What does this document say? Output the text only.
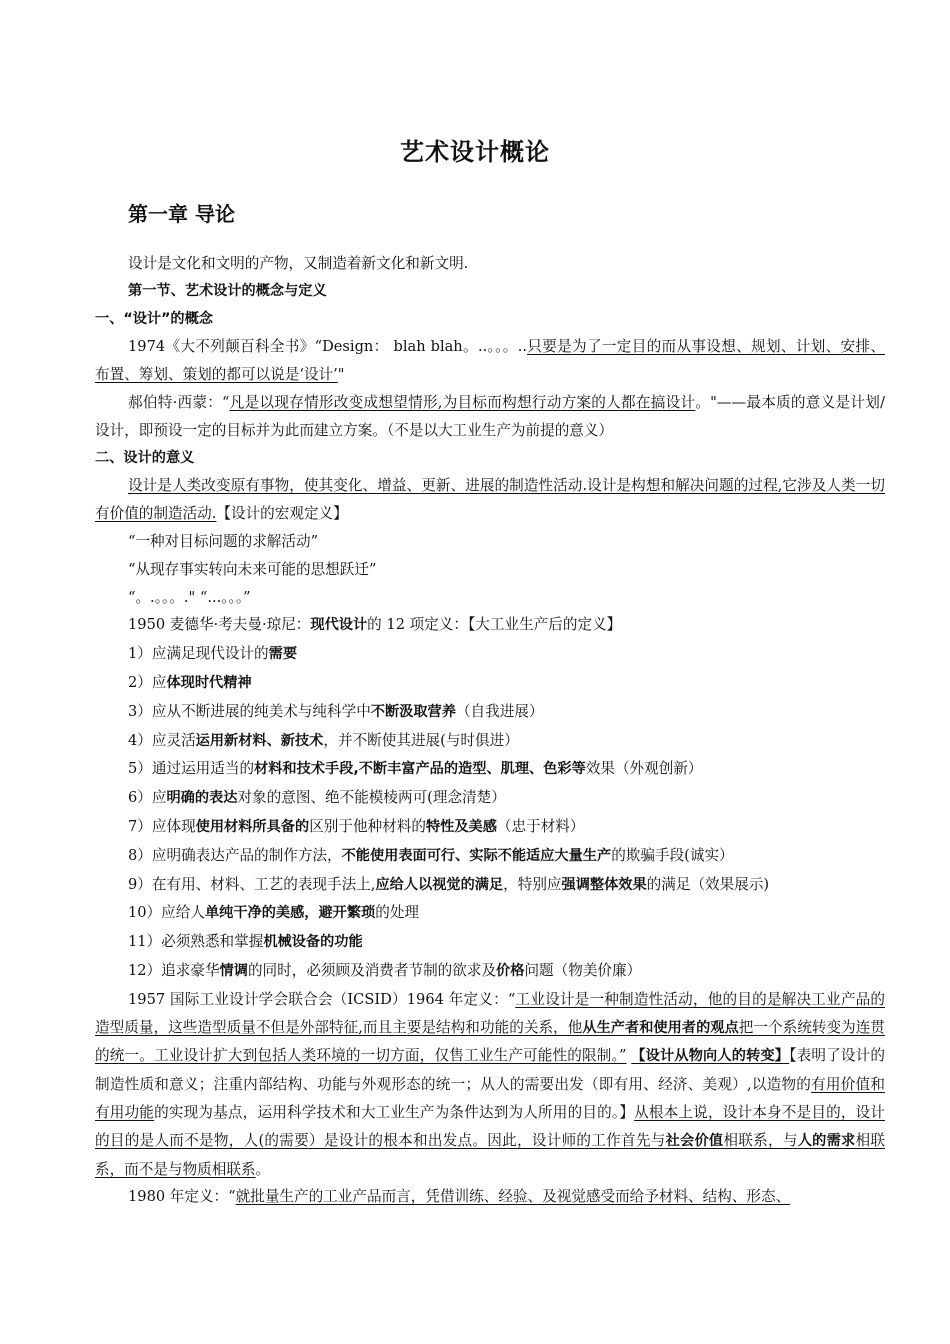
艺术设计概论
第一章 导论

设计是文化和文明的产物，又制造着新文化和新文明.

第一节、艺术设计的概念与定义

一、“设计”的概念

1974《大不列颠百科全书》“Design： blah blah。..。。。..只要是为了一定目的而从事设想、规划、计划、安排、布置、筹划、策划的都可以说是‘设计’"

郝伯特·西蒙：“凡是以现存情形改变成想望情形,为目标而构想行动方案的人都在搞设计。"——最本质的意义是计划/设计，即预设一定的目标并为此而建立方案。（不是以大工业生产为前提的意义）

二、设计的意义

设计是人类改变原有事物，使其变化、增益、更新、进展的制造性活动.设计是构想和解决问题的过程,它涉及人类一切有价值的制造活动.【设计的宏观定义】

“一种对目标问题的求解活动”

“从现存事实转向未来可能的思想跃迁”

“。.。。。." “...。。。”

1950 麦德华·考夫曼·琼尼：现代设计的 12 项定义：【大工业生产后的定义】

1）应满足现代设计的需要

2）应体现时代精神

3）应从不断进展的纯美术与纯科学中不断汲取营养（自我进展）

4）应灵活运用新材料、新技术，并不断使其进展(与时俱进）

5）通过运用适当的材料和技术手段,不断丰富产品的造型、肌理、色彩等效果（外观创新）

6）应明确的表达对象的意图、绝不能模棱两可(理念清楚）

7）应体现使用材料所具备的区别于他种材料的特性及美感（忠于材料）

8）应明确表达产品的制作方法，不能使用表面可行、实际不能适应大量生产的欺骗手段(诚实）

9）在有用、材料、工艺的表现手法上,应给人以视觉的满足，特别应强调整体效果的满足（效果展示)

10）应给人单纯干净的美感，避开繁琐的处理

11）必须熟悉和掌握机械设备的功能

12）追求豪华情调的同时，必须顾及消费者节制的欲求及价格问题（物美价廉）

1957 国际工业设计学会联合会（ICSID）1964 年定义：“工业设计是一种制造性活动，他的目的是解决工业产品的造型质量，这些造型质量不但是外部特征,而且主要是结构和功能的关系，他从生产者和使用者的观点把一个系统转变为连贯的统一。工业设计扩大到包括人类环境的一切方面，仅售工业生产可能性的限制。” 【设计从物向人的转变】【表明了设计的制造性质和意义；注重内部结构、功能与外观形态的统一；从人的需要出发（即有用、经济、美观）,以造物的有用价值和有用功能的实现为基点，运用科学技术和大工业生产为条件达到为人所用的目的。】从根本上说，设计本身不是目的，设计的目的是人而不是物，人(的需要）是设计的根本和出发点。因此，设计师的工作首先与社会价值相联系，与人的需求相联系，而不是与物质相联系。

1980 年定义：“就批量生产的工业产品而言，凭借训练、经验、及视觉感受而给予材料、结构、形态、
